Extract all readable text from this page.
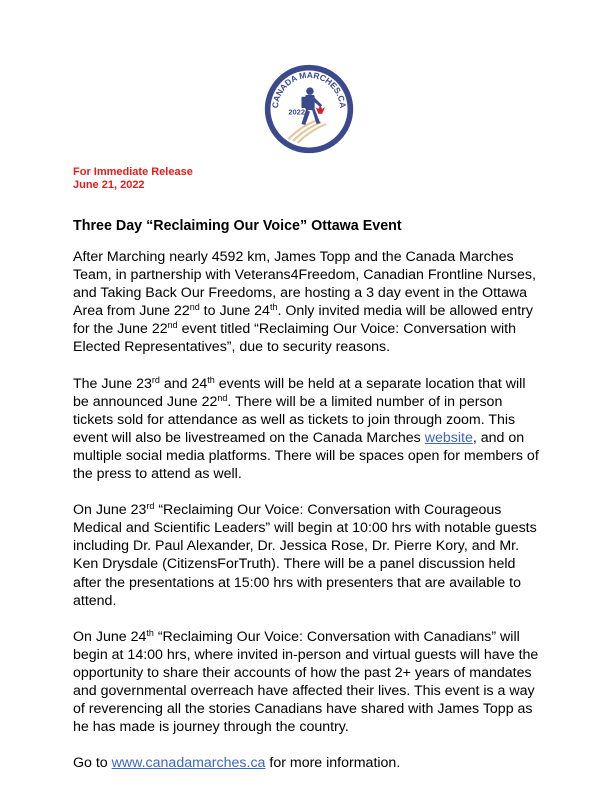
CANADA MARCHES.CA
2022
For Immediate Release
June 21, 2022
Three Day “Reclaiming Our Voice” Ottawa Event

After Marching nearly 4592 km, James Topp and the Canada Marches Team, in partnership with Veterans4Freedom, Canadian Frontline Nurses, and Taking Back Our Freedoms, are hosting a 3 day event in the Ottawa Area from June 22nd to June 24th. Only invited media will be allowed entry for the June 22nd event titled “Reclaiming Our Voice: Conversation with Elected Representatives”, due to security reasons.

The June 23rd and 24th events will be held at a separate location that will be announced June 22nd. There will be a limited number of in person tickets sold for attendance as well as tickets to join through zoom. This event will also be livestreamed on the Canada Marches website, and on multiple social media platforms. There will be spaces open for members of the press to attend as well.

On June 23rd “Reclaiming Our Voice: Conversation with Courageous Medical and Scientific Leaders” will begin at 10:00 hrs with notable guests including Dr. Paul Alexander, Dr. Jessica Rose, Dr. Pierre Kory, and Mr. Ken Drysdale (CitizensForTruth). There will be a panel discussion held after the presentations at 15:00 hrs with presenters that are available to attend.

On June 24th “Reclaiming Our Voice: Conversation with Canadians” will begin at 14:00 hrs, where invited in-person and virtual guests will have the opportunity to share their accounts of how the past 2+ years of mandates and governmental overreach have affected their lives. This event is a way of reverencing all the stories Canadians have shared with James Topp as he has made is journey through the country.

Go to www.canadamarches.ca for more information.
